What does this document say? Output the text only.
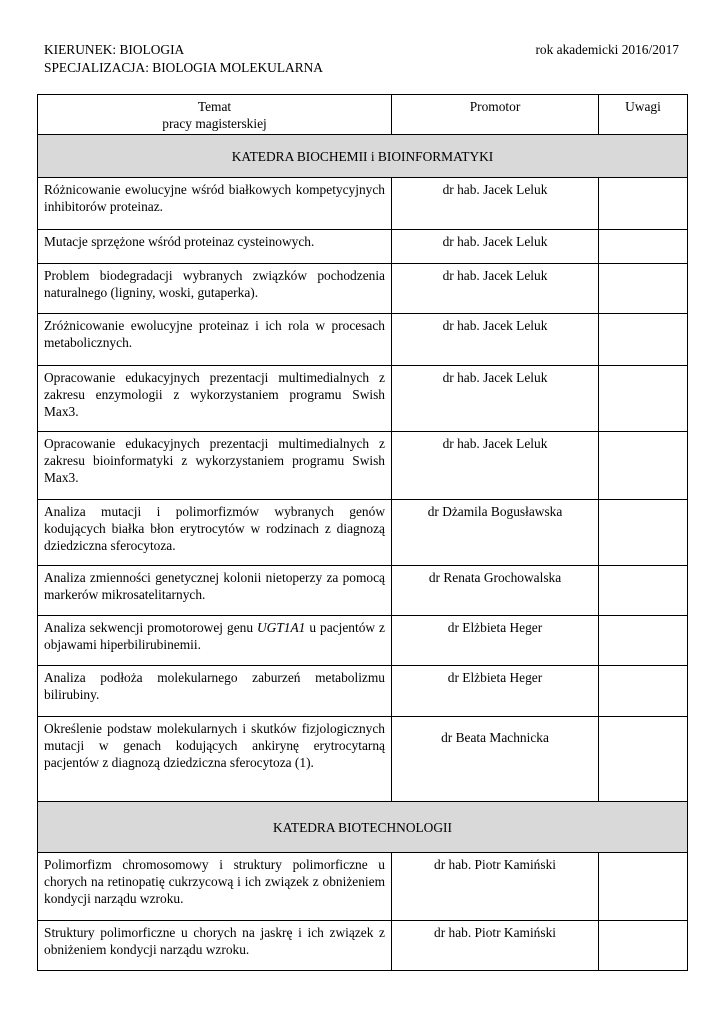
KIERUNEK: BIOLOGIA	rok akademicki 2016/2017
SPECJALIZACJA: BIOLOGIA MOLEKULARNA
Temat
pracy magisterskiej	Promotor	Uwagi
KATEDRA BIOCHEMII i BIOINFORMATYKI		
Różnicowanie ewolucyjne wśród białkowych kompetycyjnych inhibitorów proteinaz.	dr hab. Jacek Leluk	
Mutacje sprzężone wśród proteinaz cysteinowych.	dr hab. Jacek Leluk	
Problem biodegradacji wybranych związków pochodzenia naturalnego (ligniny, woski, gutaperka).	dr hab. Jacek Leluk	
Zróżnicowanie ewolucyjne proteinaz i ich rola w procesach metabolicznych.	dr hab. Jacek Leluk	
Opracowanie edukacyjnych prezentacji multimedialnych z zakresu enzymologii z wykorzystaniem programu Swish Max3.	dr hab. Jacek Leluk	
Opracowanie edukacyjnych prezentacji multimedialnych z zakresu bioinformatyki z wykorzystaniem programu Swish Max3.	dr hab. Jacek Leluk	
Analiza mutacji i polimorfizmów wybranych genów kodujących białka błon erytrocytów w rodzinach z diagnozą dziedziczna sferocytoza.	dr Dżamila Bogusławska	
Analiza zmienności genetycznej kolonii nietoperzy za pomocą markerów mikrosatelitarnych.	dr Renata Grochowalska	
Analiza sekwencji promotorowej genu UGT1A1 u pacjentów z objawami hiperbilirubinemii.	dr Elżbieta Heger	
Analiza podłoża molekularnego zaburzeń metabolizmu bilirubiny.	dr Elżbieta Heger	
Określenie podstaw molekularnych i skutków fizjologicznych mutacji w genach kodujących ankirynę erytrocytarną pacjentów z diagnozą dziedziczna sferocytoza (1).	dr Beata Machnicka	
KATEDRA BIOTECHNOLOGII		
Polimorfizm chromosomowy i struktury polimorficzne u chorych na retinopatię cukrzycową i ich związek z obniżeniem kondycji narządu wzroku.	dr hab. Piotr Kamiński	
Struktury polimorficzne u chorych na jaskrę i ich związek z obniżeniem kondycji narządu wzroku.	dr hab. Piotr Kamiński	
